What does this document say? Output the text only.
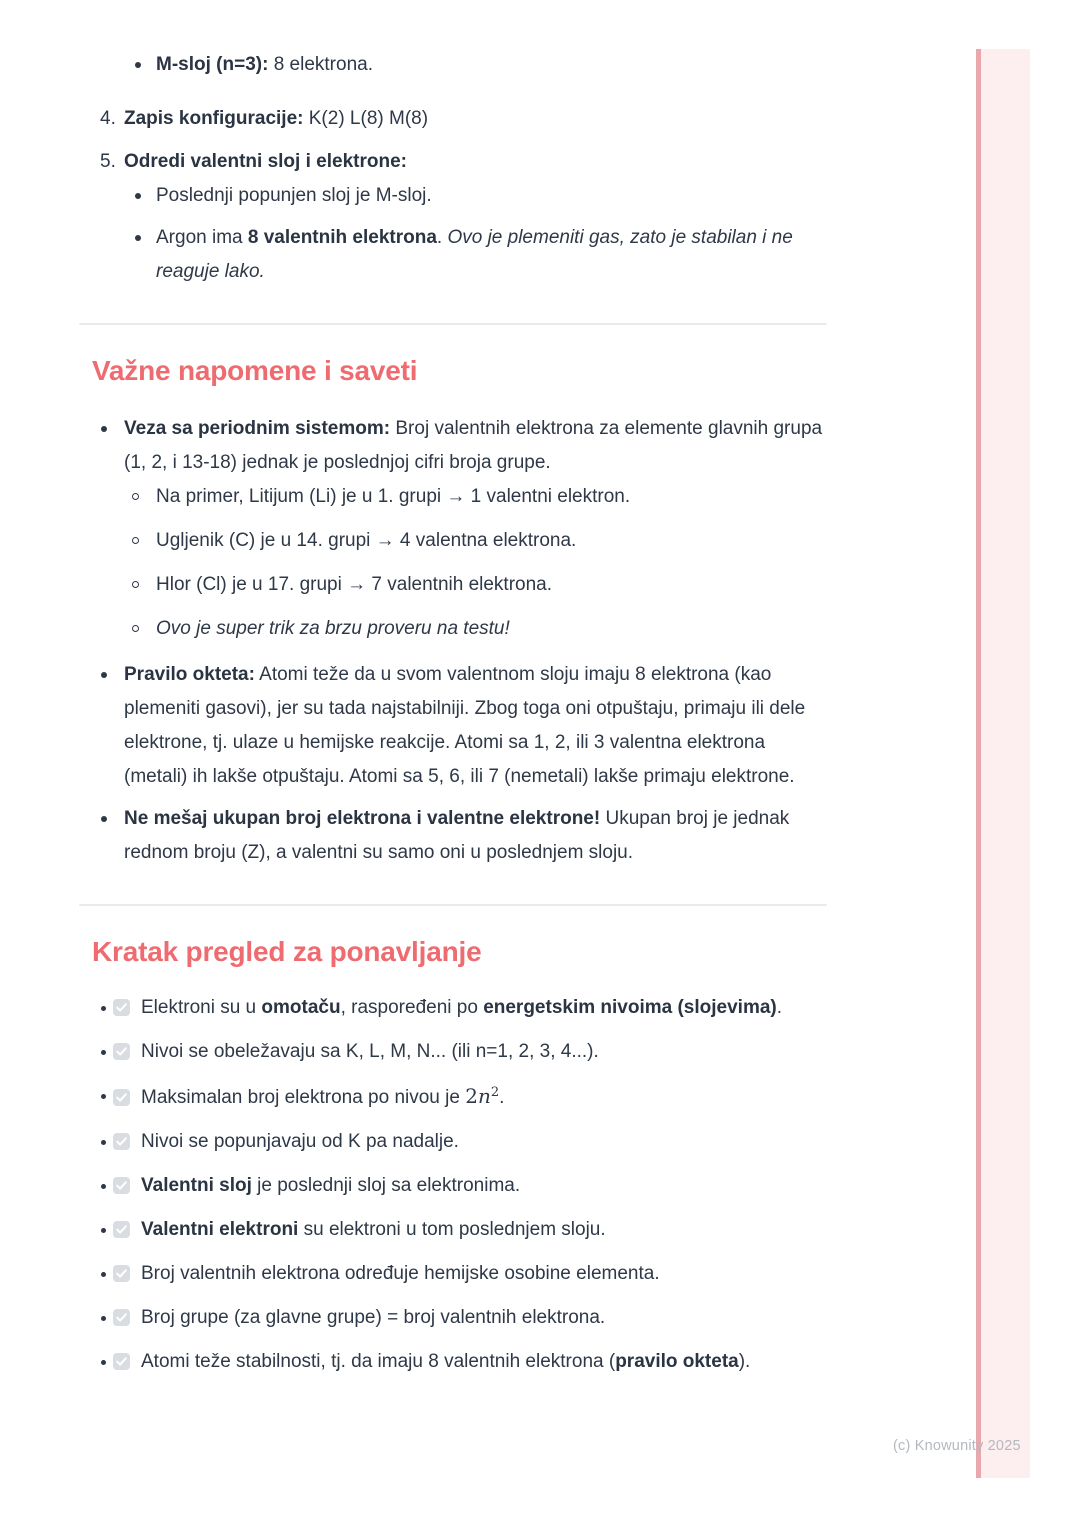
M-sloj (n=3): 8 elektrona.
4. Zapis konfiguracije: K(2) L(8) M(8)
5. Odredi valentni sloj i elektrone:
Poslednji popunjen sloj je M-sloj.
Argon ima 8 valentnih elektrona. Ovo je plemeniti gas, zato je stabilan i ne reaguje lako.
Važne napomene i saveti
Veza sa periodnim sistemom: Broj valentnih elektrona za elemente glavnih grupa (1, 2, i 13-18) jednak je poslednjoj cifri broja grupe.
Na primer, Litijum (Li) je u 1. grupi → 1 valentni elektron.
Ugljenik (C) je u 14. grupi → 4 valentna elektrona.
Hlor (Cl) je u 17. grupi → 7 valentnih elektrona.
Ovo je super trik za brzu proveru na testu!
Pravilo okteta: Atomi teže da u svom valentnom sloju imaju 8 elektrona (kao plemeniti gasovi), jer su tada najstabilniji. Zbog toga oni otpuštaju, primaju ili dele elektrone, tj. ulaze u hemijske reakcije. Atomi sa 1, 2, ili 3 valentna elektrona (metali) ih lakše otpuštaju. Atomi sa 5, 6, ili 7 (nemetali) lakše primaju elektrone.
Ne mešaj ukupan broj elektrona i valentne elektrone! Ukupan broj je jednak rednom broju (Z), a valentni su samo oni u poslednjem sloju.
Kratak pregled za ponavljanje
Elektroni su u omotaču, raspoređeni po energetskim nivoima (slojevima).
Nivoi se obeležavaju sa K, L, M, N... (ili n=1, 2, 3, 4...).
Maksimalan broj elektrona po nivou je $2n^2$.
Nivoi se popunjavaju od K pa nadalje.
Valentni sloj je poslednji sloj sa elektronima.
Valentni elektroni su elektroni u tom poslednjem sloju.
Broj valentnih elektrona određuje hemijske osobine elementa.
Broj grupe (za glavne grupe) = broj valentnih elektrona.
Atomi teže stabilnosti, tj. da imaju 8 valentnih elektrona (pravilo okteta).
(c) Knowunity 2025
